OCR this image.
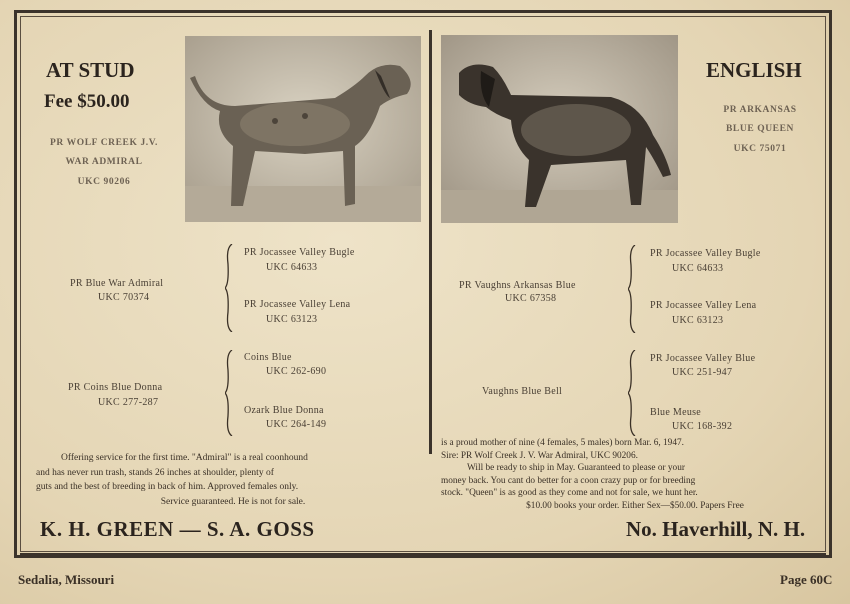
AT STUD
Fee $50.00
PR WOLF CREEK J.V.
WAR ADMIRAL
UKC 90206
PR Blue War Admiral
UKC 70374
PR Coins Blue Donna
UKC 277-287
PR Jocassee Valley Bugle
UKC 64633
PR Jocassee Valley Lena
UKC 63123
Coins Blue
UKC 262-690
Ozark Blue Donna
UKC 264-149
Offering service for the first time. "Admiral" is a real coonhound
and has never run trash, stands 26 inches at shoulder, plenty of
guts and the best of breeding in back of him. Approved females only.
Service guaranteed. He is not for sale.
K. H. GREEN — S. A. GOSS
ENGLISH
PR ARKANSAS
BLUE QUEEN
UKC 75071
PR Vaughns Arkansas Blue
UKC 67358
Vaughns Blue Bell
PR Jocassee Valley Bugle
UKC 64633
PR Jocassee Valley Lena
UKC 63123
PR Jocassee Valley Blue
UKC 251-947
Blue Meuse
UKC 168-392
is a proud mother of nine (4 females, 5 males) born Mar. 6, 1947.
Sire: PR Wolf Creek J. V. War Admiral, UKC 90206.
Will be ready to ship in May. Guaranteed to please or your
money back. You cant do better for a coon crazy pup or for breeding
stock. "Queen" is as good as they come and not for sale, we hunt her.
$10.00 books your order. Either Sex—$50.00. Papers Free
No. Haverhill, N. H.
Sedalia, Missouri	Page 60C
